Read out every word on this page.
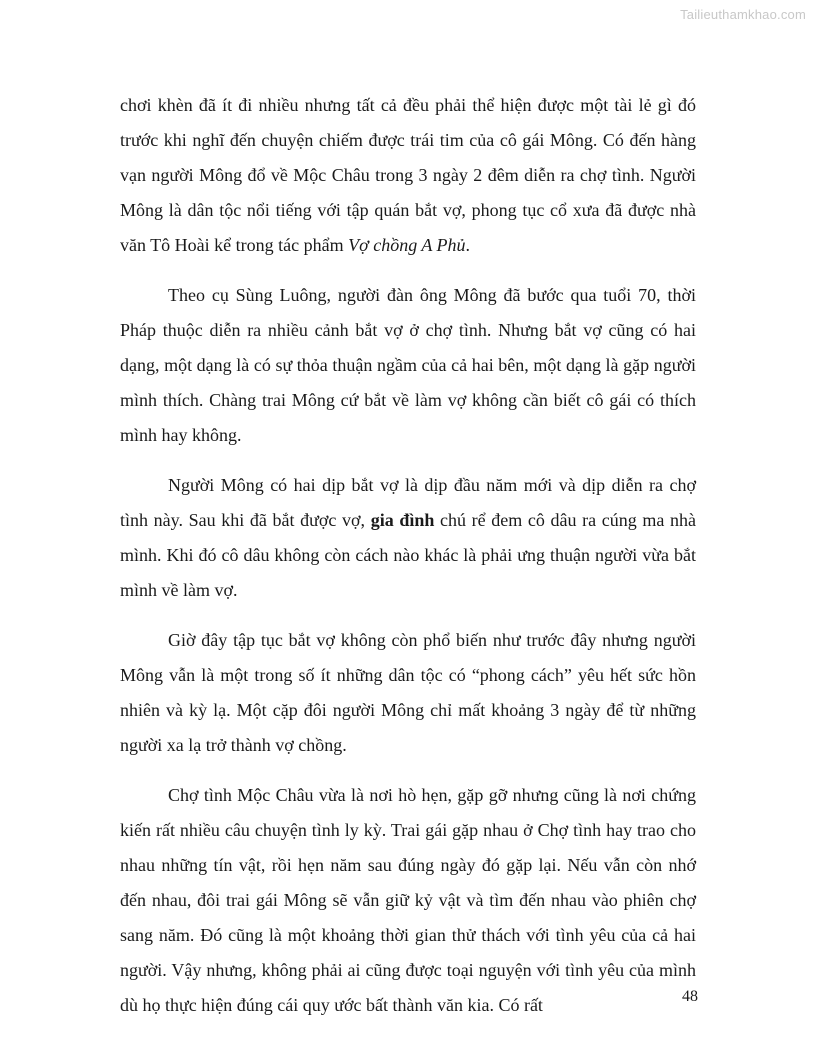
Tailieuthamkhao.com

chơi khèn đã ít đi nhiều nhưng tất cả đều phải thể hiện được một tài lẻ gì đó trước khi nghĩ đến chuyện chiếm được trái tim của cô gái Mông. Có đến hàng vạn người Mông đổ về Mộc Châu trong 3 ngày 2 đêm diễn ra chợ tình. Người Mông là dân tộc nổi tiếng với tập quán bắt vợ, phong tục cổ xưa đã được nhà văn Tô Hoài kể trong tác phẩm Vợ chồng A Phủ.

Theo cụ Sùng Luông, người đàn ông Mông đã bước qua tuổi 70, thời Pháp thuộc diễn ra nhiều cảnh bắt vợ ở chợ tình. Nhưng bắt vợ cũng có hai dạng, một dạng là có sự thỏa thuận ngầm của cả hai bên, một dạng là gặp người mình thích. Chàng trai Mông cứ bắt về làm vợ không cần biết cô gái có thích mình hay không.

Người Mông có hai dịp bắt vợ là dịp đầu năm mới và dịp diễn ra chợ tình này. Sau khi đã bắt được vợ, gia đình chú rể đem cô dâu ra cúng ma nhà mình. Khi đó cô dâu không còn cách nào khác là phải ưng thuận người vừa bắt mình về làm vợ.

Giờ đây tập tục bắt vợ không còn phổ biến như trước đây nhưng người Mông vẫn là một trong số ít những dân tộc có “phong cách” yêu hết sức hồn nhiên và kỳ lạ. Một cặp đôi người Mông chỉ mất khoảng 3 ngày để từ những người xa lạ trở thành vợ chồng.

Chợ tình Mộc Châu vừa là nơi hò hẹn, gặp gỡ nhưng cũng là nơi chứng kiến rất nhiều câu chuyện tình ly kỳ. Trai gái gặp nhau ở Chợ tình hay trao cho nhau những tín vật, rồi hẹn năm sau đúng ngày đó gặp lại. Nếu vẫn còn nhớ đến nhau, đôi trai gái Mông sẽ vẫn giữ kỷ vật và tìm đến nhau vào phiên chợ sang năm. Đó cũng là một khoảng thời gian thử thách với tình yêu của cả hai người. Vậy nhưng, không phải ai cũng được toại nguyện với tình yêu của mình dù họ thực hiện đúng cái quy ước bất thành văn kia. Có rất	48
